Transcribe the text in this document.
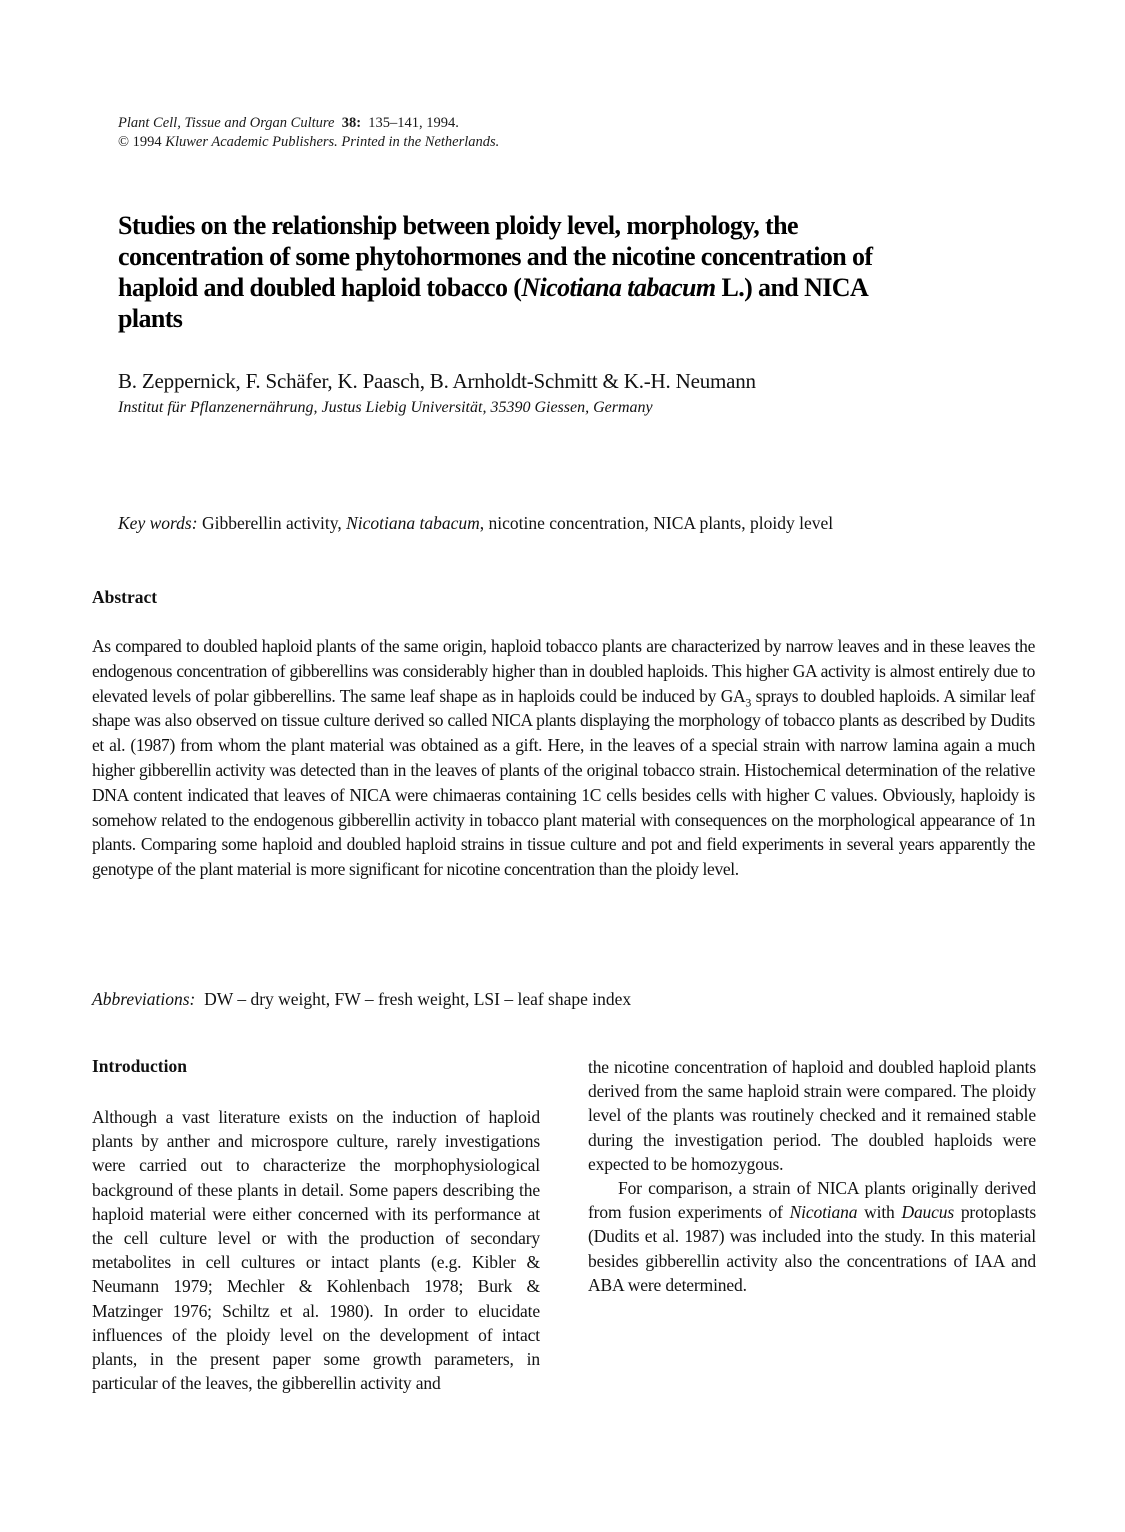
Plant Cell, Tissue and Organ Culture 38: 135–141, 1994.
© 1994 Kluwer Academic Publishers. Printed in the Netherlands.
Studies on the relationship between ploidy level, morphology, the
concentration of some phytohormones and the nicotine concentration of
haploid and doubled haploid tobacco (Nicotiana tabacum L.) and NICA
plants
B. Zeppernick, F. Schäfer, K. Paasch, B. Arnholdt-Schmitt & K.-H. Neumann
Institut für Pflanzenernährung, Justus Liebig Universität, 35390 Giessen, Germany
Key words: Gibberellin activity, Nicotiana tabacum, nicotine concentration, NICA plants, ploidy level
Abstract
As compared to doubled haploid plants of the same origin, haploid tobacco plants are characterized by narrow leaves and in these leaves the endogenous concentration of gibberellins was considerably higher than in doubled haploids. This higher GA activity is almost entirely due to elevated levels of polar gibberellins. The same leaf shape as in haploids could be induced by $GA_3$ sprays to doubled haploids. A similar leaf shape was also observed on tissue culture derived so called NICA plants displaying the morphology of tobacco plants as described by Dudits et al. (1987) from whom the plant material was obtained as a gift. Here, in the leaves of a special strain with narrow lamina again a much higher gibberellin activity was detected than in the leaves of plants of the original tobacco strain. Histochemical determination of the relative DNA content indicated that leaves of NICA were chimaeras containing 1C cells besides cells with higher C values. Obviously, haploidy is somehow related to the endogenous gibberellin activity in tobacco plant material with consequences on the morphological appearance of 1n plants. Comparing some haploid and doubled haploid strains in tissue culture and pot and field experiments in several years apparently the genotype of the plant material is more significant for nicotine concentration than the ploidy level.
Abbreviations:  DW – dry weight, FW – fresh weight, LSI – leaf shape index
Introduction

Although a vast literature exists on the induction of haploid plants by anther and microspore culture, rarely investigations were carried out to characterize the morphophysiological background of these plants in detail. Some papers describing the haploid material were either concerned with its performance at the cell culture level or with the production of secondary metabolites in cell cultures or intact plants (e.g. Kibler & Neumann 1979; Mechler & Kohlenbach 1978; Burk & Matzinger 1976; Schiltz et al. 1980). In order to elucidate influences of the ploidy level on the development of intact plants, in the present paper some growth parameters, in particular of the leaves, the gibberellin activity and

the nicotine concentration of haploid and doubled haploid plants derived from the same haploid strain were compared. The ploidy level of the plants was routinely checked and it remained stable during the investigation period. The doubled haploids were expected to be homozygous.

For comparison, a strain of NICA plants originally derived from fusion experiments of Nicotiana with Daucus protoplasts (Dudits et al. 1987) was included into the study. In this material besides gibberellin activity also the concentrations of IAA and ABA were determined.
